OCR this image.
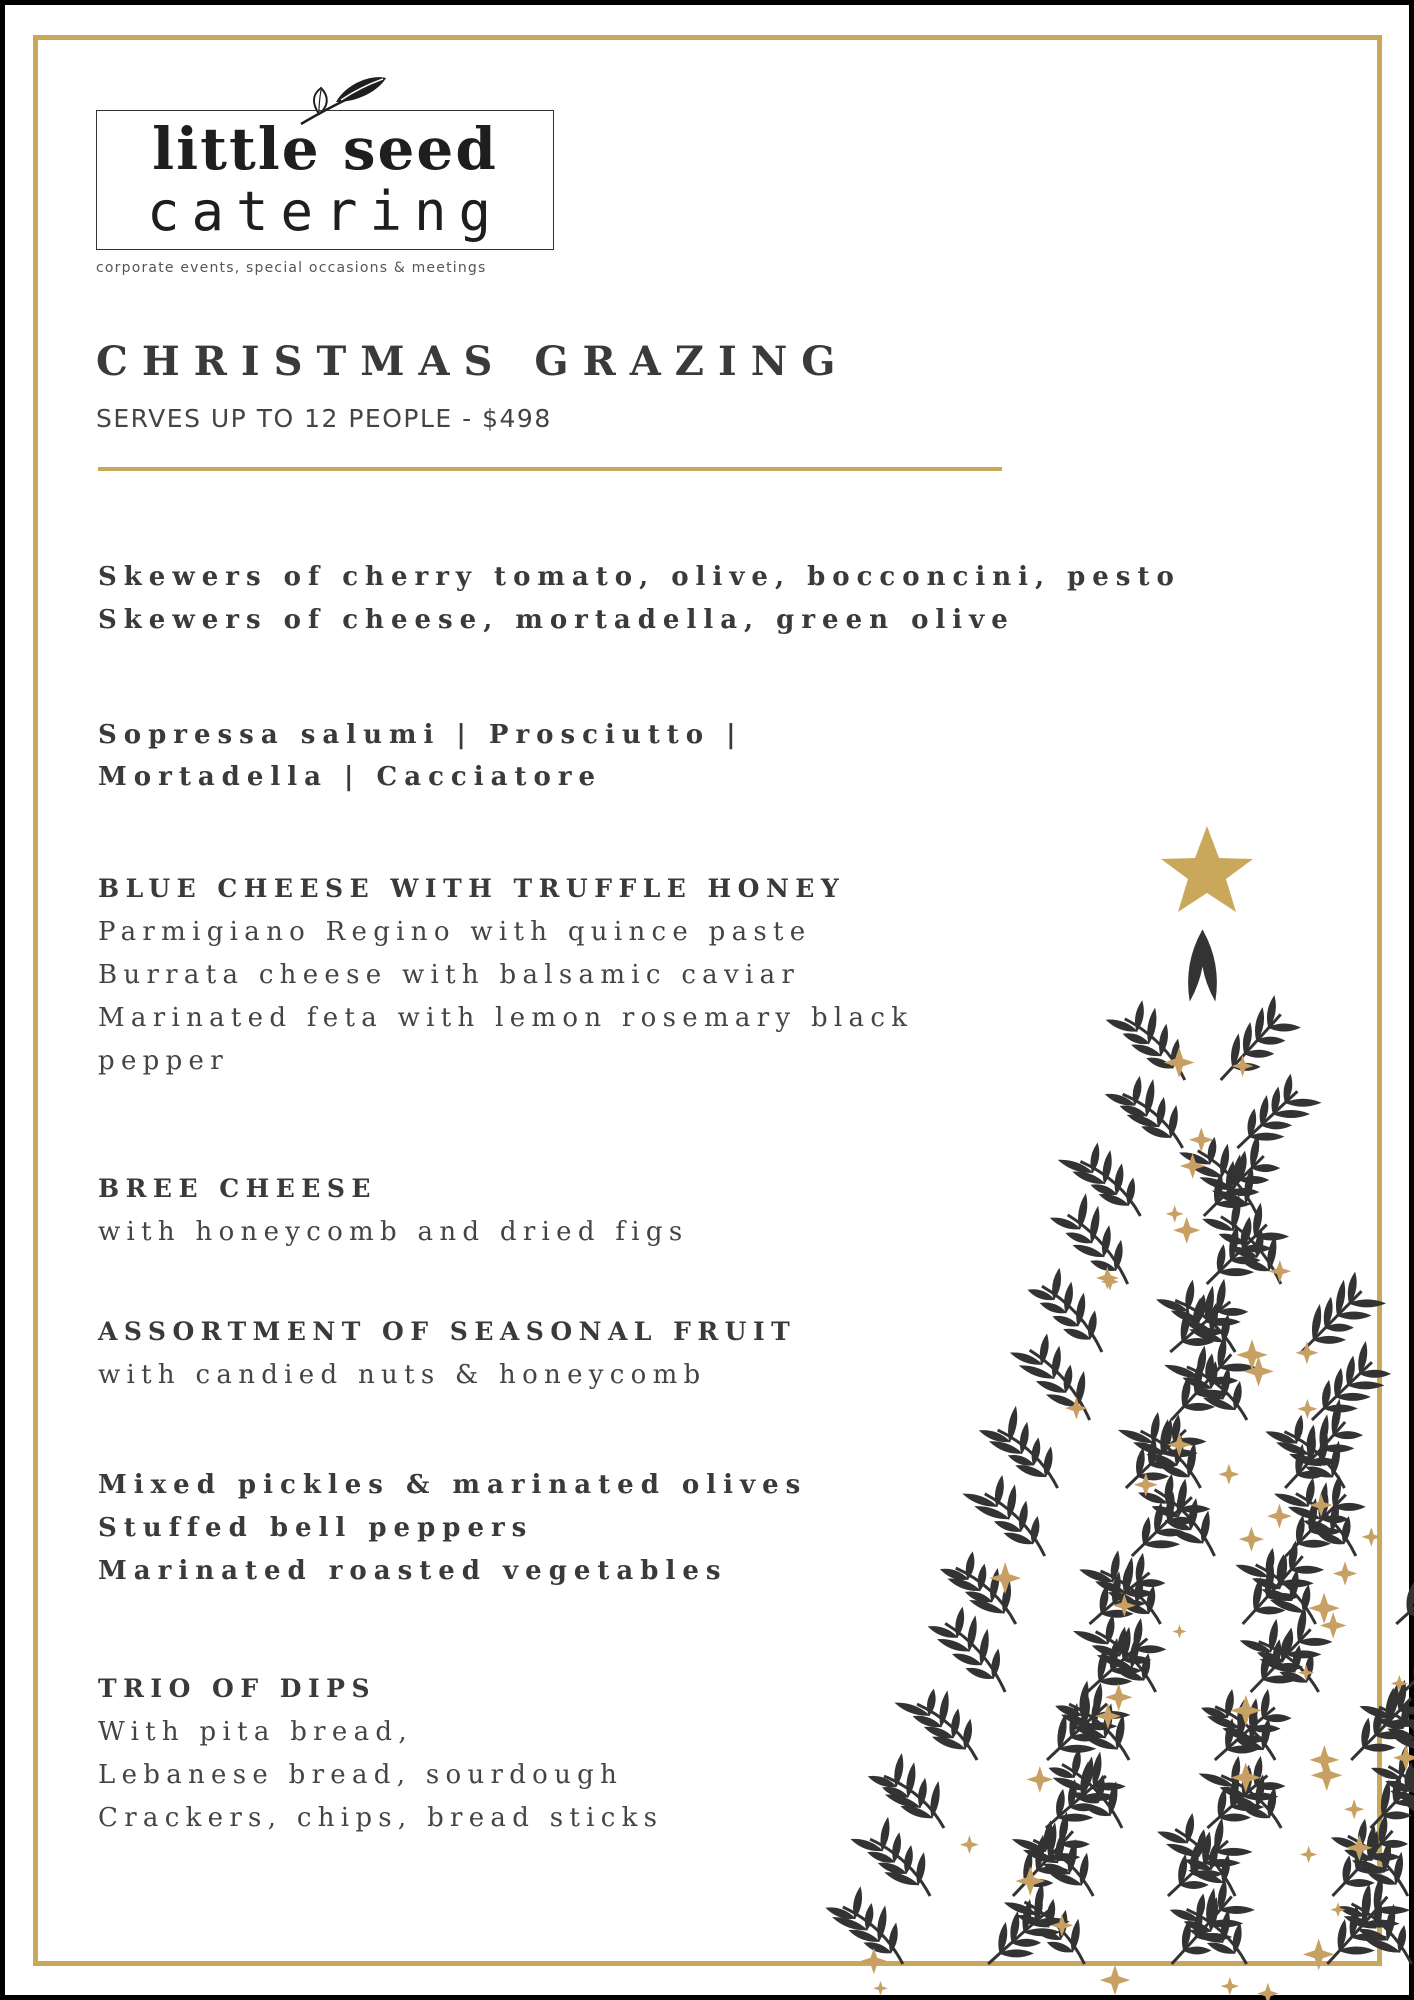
little seed
catering
corporate events, special occasions & meetings
CHRISTMAS GRAZING
SERVES UP TO 12 PEOPLE - $498
Skewers of cherry tomato, olive, bocconcini, pesto
Skewers of cheese, mortadella, green olive
Sopressa salumi | Prosciutto |
Mortadella | Cacciatore
BLUE CHEESE WITH TRUFFLE HONEY
Parmigiano Regino with quince paste
Burrata cheese with balsamic caviar
Marinated feta with lemon rosemary black
pepper
BREE CHEESE
with honeycomb and dried figs
ASSORTMENT OF SEASONAL FRUIT
with candied nuts & honeycomb
Mixed pickles & marinated olives
Stuffed bell peppers
Marinated roasted vegetables
TRIO OF DIPS
With pita bread,
Lebanese bread, sourdough
Crackers, chips, bread sticks
